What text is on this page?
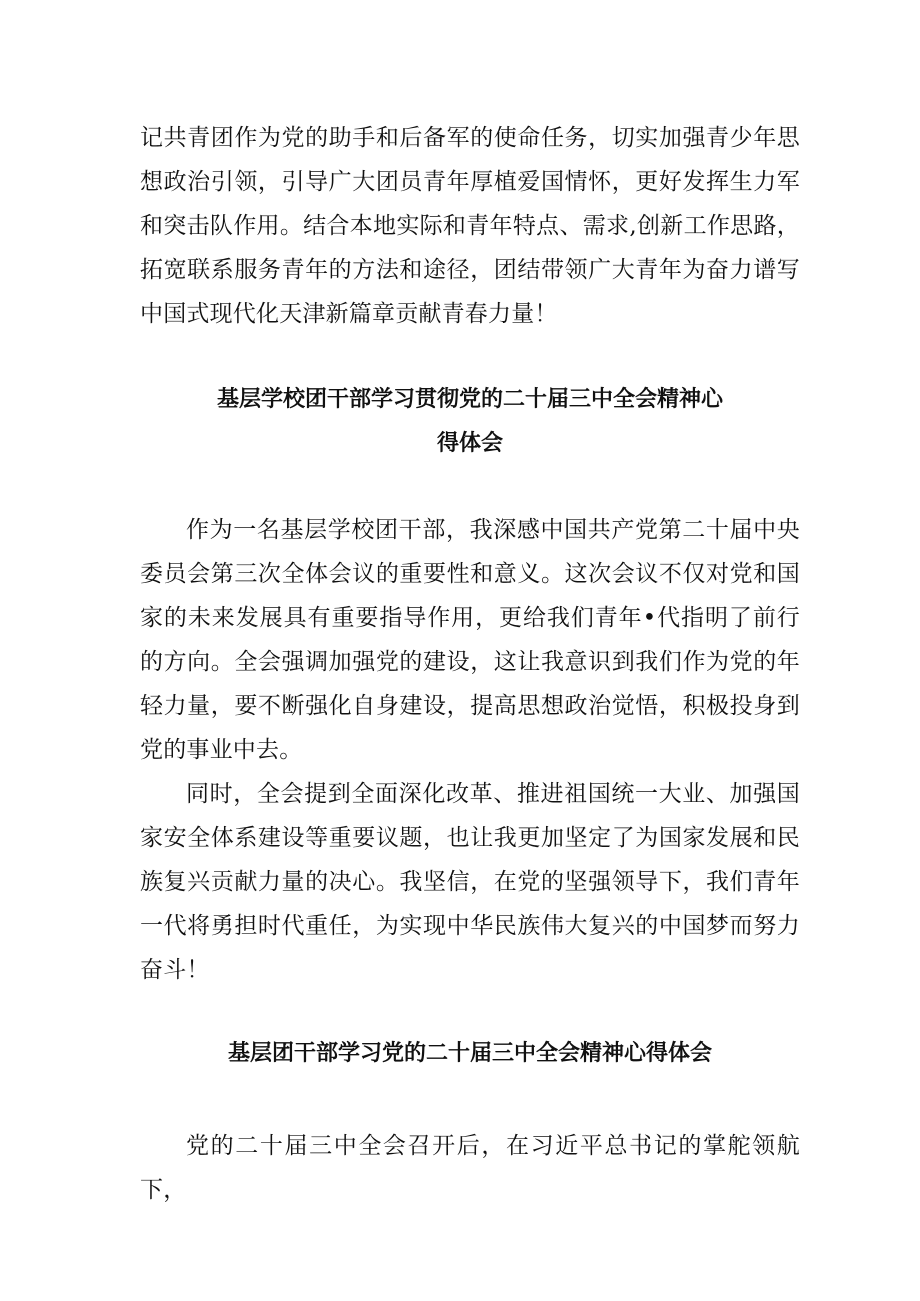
记共青团作为党的助手和后备军的使命任务，切实加强青少年思想政治引领，引导广大团员青年厚植爱国情怀，更好发挥生力军和突击队作用。结合本地实际和青年特点、需求,创新工作思路，拓宽联系服务青年的方法和途径，团结带领广大青年为奋力谱写中国式现代化天津新篇章贡献青春力量！

基层学校团干部学习贯彻党的二十届三中全会精神心
得体会

作为一名基层学校团干部，我深感中国共产党第二十届中央委员会第三次全体会议的重要性和意义。这次会议不仅对党和国家的未来发展具有重要指导作用，更给我们青年•代指明了前行的方向。全会强调加强党的建设，这让我意识到我们作为党的年轻力量，要不断强化自身建设，提高思想政治觉悟，积极投身到党的事业中去。

同时，全会提到全面深化改革、推进祖国统一大业、加强国家安全体系建设等重要议题，也让我更加坚定了为国家发展和民族复兴贡献力量的决心。我坚信，在党的坚强领导下，我们青年一代将勇担时代重任，为实现中华民族伟大复兴的中国梦而努力奋斗！

基层团干部学习党的二十届三中全会精神心得体会

党的二十届三中全会召开后，在习近平总书记的掌舵领航下，
